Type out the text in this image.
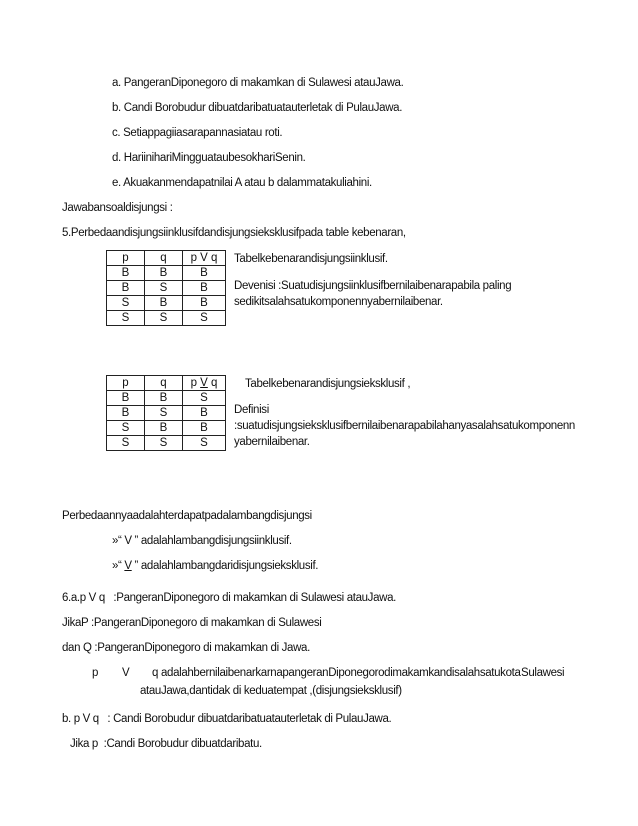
a. PangeranDiponegoro di makamkan di Sulawesi atauJawa.
b. Candi Borobudur dibuatdaribatuatauterletak di PulauJawa.
c. Setiappagiiasarapannasiatau roti.
d. HariinihariMingguataubesokhariSenin.
e. Akuakanmendapatnilai A atau b dalammatakuliahini.
Jawabansoaldisjungsi :
5.Perbedaandisjungsiinklusifdandisjungsieksklusifpada table kebenaran,
p	q	p V q
B	B	B
B	S	B
S	B	B
S	S	S
Tabelkebenarandisjungsiinklusif.
Devenisi :Suatudisjungsiinklusifbernilaibenarapabila paling
sedikitsalahsatukomponennyabernilaibenar.
p	q	p V q
B	B	S
B	S	B
S	B	B
S	S	S
Tabelkebenarandisjungsieksklusif ,
Definisi
:suatudisjungsieksklusifbernilaibenarapabilahanyasalahsatukomponenn
yabernilaibenar.
Perbedaannyaadalahterdapatpadalambangdisjungsi
»“ V ” adalahlambangdisjungsiinklusif.
»“ V ” adalahlambangdaridisjungsieksklusif.
6.a.p V q   :PangeranDiponegoro di makamkan di Sulawesi atauJawa.
JikaP :PangeranDiponegoro di makamkan di Sulawesi
dan Q :PangeranDiponegoro di makamkan di Jawa.
p V q adalahbernilaibenarkarnapangeranDiponegorodimakamkandisalahsatukota Sulawesi
atauJawa,dantidak di keduatempat ,(disjungsieksklusif)
b. p V q   : Candi Borobudur dibuatdaribatuatauterletak di PulauJawa.
Jika p  :Candi Borobudur dibuatdaribatu.
